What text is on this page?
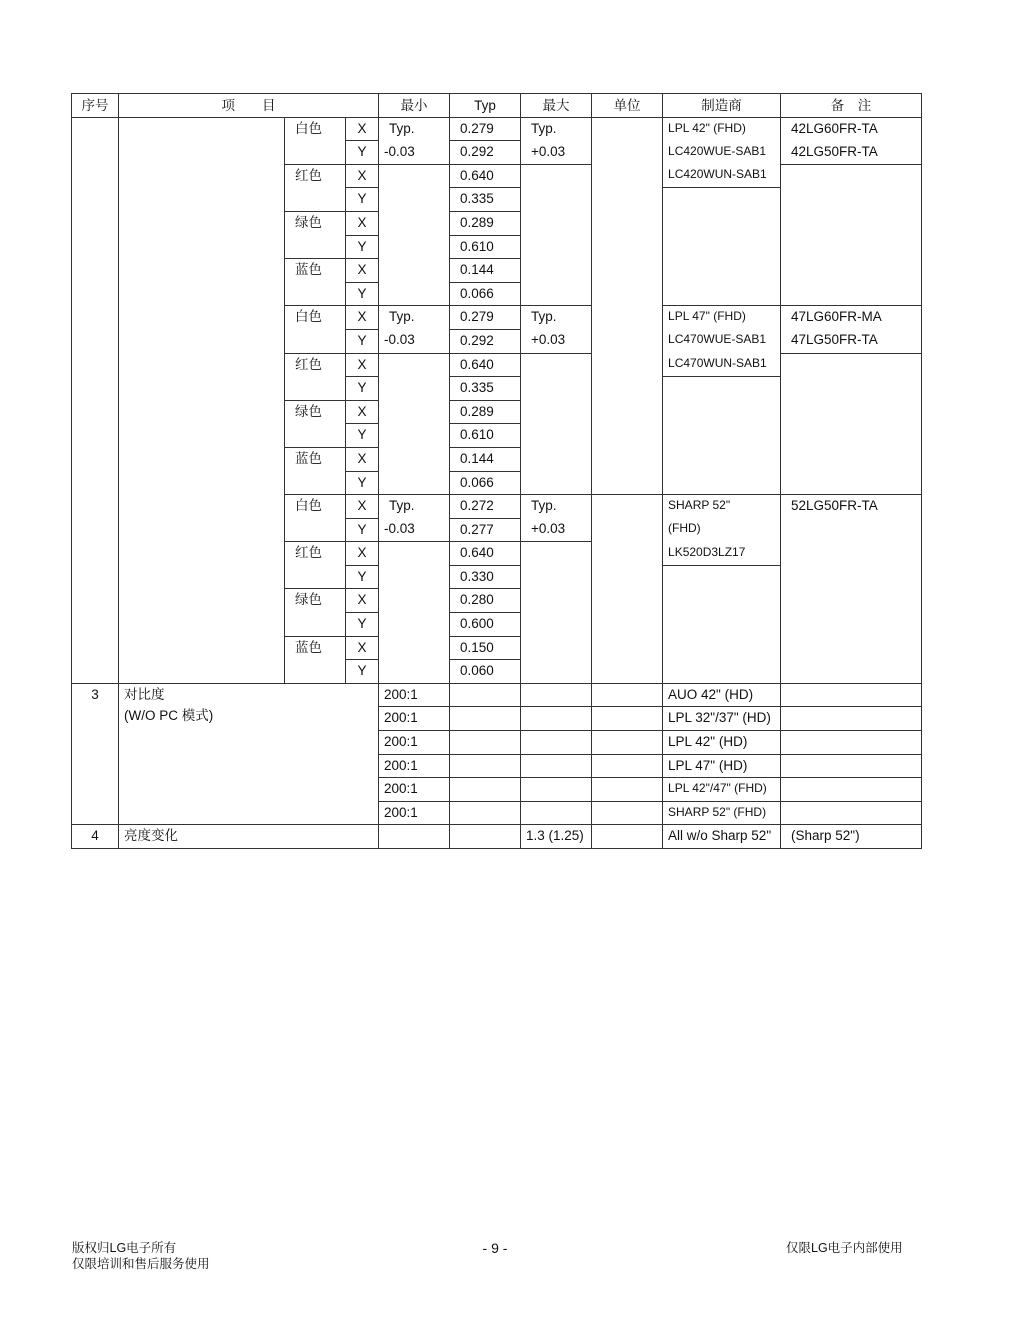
序号	项　　目			最小	Typ	最大	单位	制造商	备　注
		白色	X	Typ.	0.279	Typ.		LPL 42" (FHD)	42LG60FR-TA
			Y	-0.03	0.292	+0.03		LC420WUE-SAB1	42LG50FR-TA
		红色	X		0.640			LC420WUN-SAB1	
			Y		0.335				
		绿色	X		0.289				
			Y		0.610				
		蓝色	X		0.144				
			Y		0.066				
		白色	X	Typ.	0.279	Typ.		LPL 47" (FHD)	47LG60FR-MA
			Y	-0.03	0.292	+0.03		LC470WUE-SAB1	47LG50FR-TA
		红色	X		0.640			LC470WUN-SAB1	
			Y		0.335				
		绿色	X		0.289				
			Y		0.610				
		蓝色	X		0.144				
			Y		0.066				
		白色	X	Typ.	0.272	Typ.		SHARP 52"	52LG50FR-TA
			Y	-0.03	0.277	+0.03		(FHD)	
		红色	X		0.640			LK520D3LZ17	
			Y		0.330				
		绿色	X		0.280				
			Y		0.600				
		蓝色	X		0.150				
			Y		0.060				
3	对比度
(W/O PC 模式)			200:1				AUO 42" (HD)	
				200:1				LPL 32"/37" (HD)	
				200:1				LPL 42" (HD)	
				200:1				LPL 47" (HD)	
				200:1				LPL 42"/47" (FHD)	
				200:1				SHARP 52" (FHD)	
4	亮度变化					1.3 (1.25)		All w/o Sharp 52"	(Sharp 52")
版权归LG电子所有
仅限培训和售后服务使用
- 9 -	仅限LG电子内部使用
